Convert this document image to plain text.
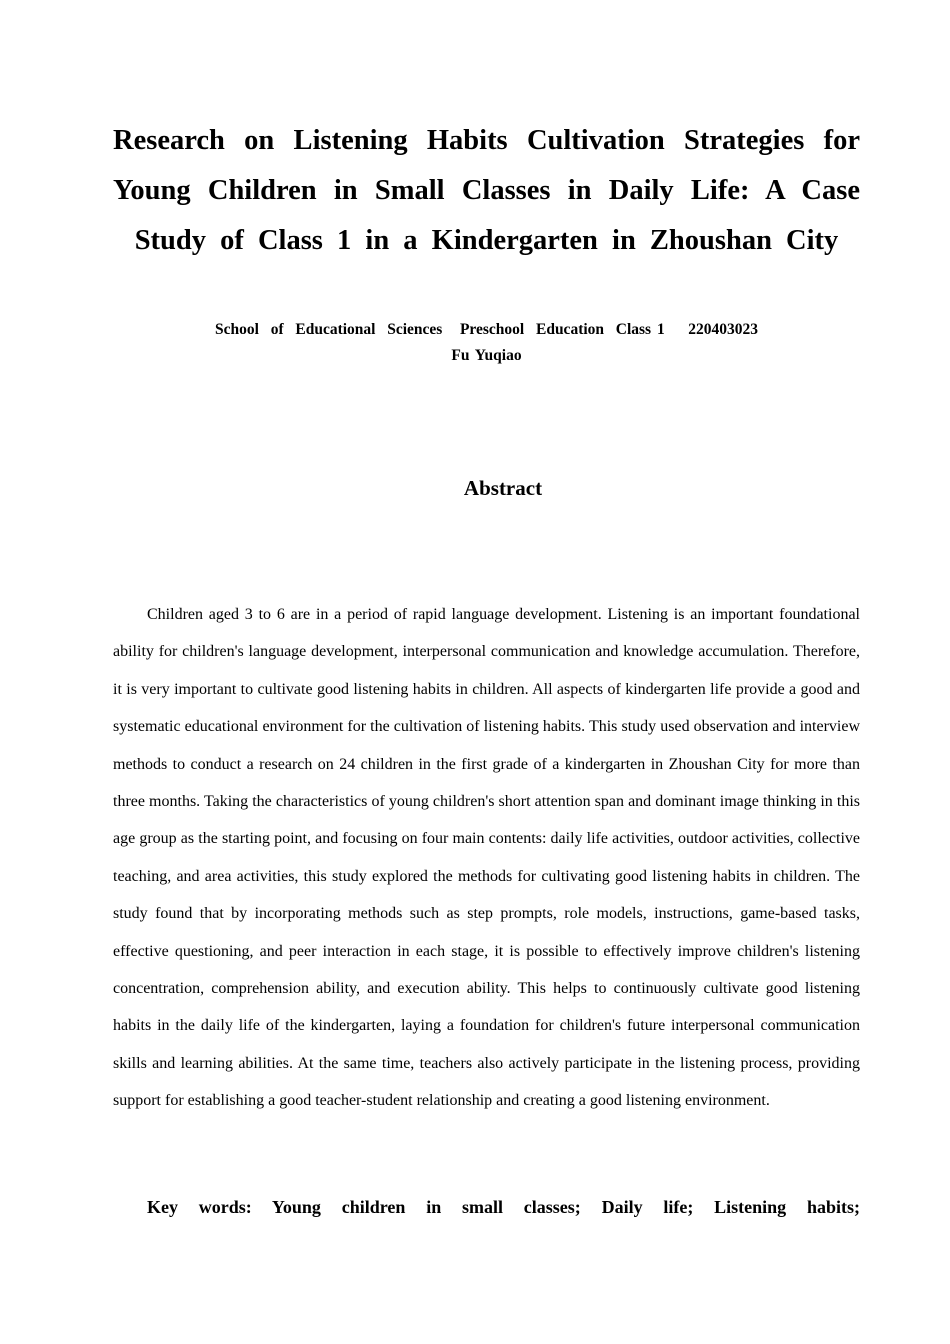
Research on Listening Habits Cultivation Strategies for
Young Children in Small Classes in Daily Life: A Case
Study of Class 1 in a Kindergarten in Zhoushan City
School  of  Educational  Sciences   Preschool  Education  Class 1    220403023
Fu Yuqiao
Abstract

Children aged 3 to 6 are in a period of rapid language development. Listening is an important foundational ability for children's language development, interpersonal communication and knowledge accumulation. Therefore, it is very important to cultivate good listening habits in children. All aspects of kindergarten life provide a good and systematic educational environment for the cultivation of listening habits. This study used observation and interview methods to conduct a research on 24 children in the first grade of a kindergarten in Zhoushan City for more than three months. Taking the characteristics of young children's short attention span and dominant image thinking in this age group as the starting point, and focusing on four main contents: daily life activities, outdoor activities, collective teaching, and area activities, this study explored the methods for cultivating good listening habits in children. The study found that by incorporating methods such as step prompts, role models, instructions, game-based tasks, effective questioning, and peer interaction in each stage, it is possible to effectively improve children's listening concentration, comprehension ability, and execution ability. This helps to continuously cultivate good listening habits in the daily life of the kindergarten, laying a foundation for children's future interpersonal communication skills and learning abilities. At the same time, teachers also actively participate in the listening process, providing support for establishing a good teacher-student relationship and creating a good listening environment.

Key words: Young children in small classes; Daily life; Listening habits;
